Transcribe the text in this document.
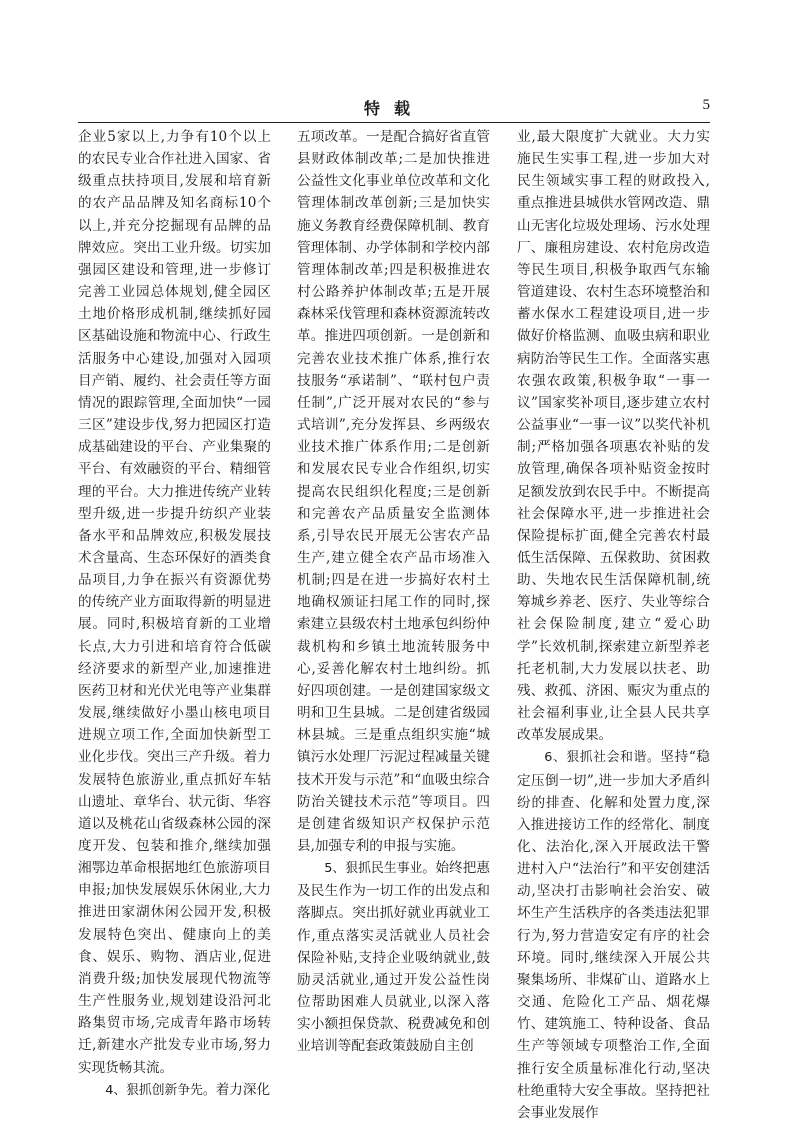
特载	5

企业5家以上,力争有10个以上的农民专业合作社进入国家、省级重点扶持项目,发展和培育新的农产品品牌及知名商标10个以上,并充分挖掘现有品牌的品牌效应。突出工业升级。切实加强园区建设和管理,进一步修订完善工业园总体规划,健全园区土地价格形成机制,继续抓好园区基础设施和物流中心、行政生活服务中心建设,加强对入园项目产销、履约、社会责任等方面情况的跟踪管理,全面加快“一园三区”建设步伐,努力把园区打造成基础建设的平台、产业集聚的平台、有效融资的平台、精细管理的平台。大力推进传统产业转型升级,进一步提升纺织产业装备水平和品牌效应,积极发展技术含量高、生态环保好的酒类食品项目,力争在振兴有资源优势的传统产业方面取得新的明显进展。同时,积极培育新的工业增长点,大力引进和培育符合低碳经济要求的新型产业,加速推进医药卫材和光伏光电等产业集群发展,继续做好小墨山核电项目进规立项工作,全面加快新型工业化步伐。突出三产升级。着力发展特色旅游业,重点抓好车轱山遗址、章华台、状元街、华容道以及桃花山省级森林公园的深度开发、包装和推介,继续加强湘鄂边革命根据地红色旅游项目申报;加快发展娱乐休闲业,大力推进田家湖休闲公园开发,积极发展特色突出、健康向上的美食、娱乐、购物、酒店业,促进消费升级;加快发展现代物流等生产性服务业,规划建设沿河北路集贸市场,完成青年路市场转迁,新建水产批发专业市场,努力实现货畅其流。

4、狠抓创新争先。着力深化

五项改革。一是配合搞好省直管县财政体制改革;二是加快推进公益性文化事业单位改革和文化管理体制改革创新;三是加快实施义务教育经费保障机制、教育管理体制、办学体制和学校内部管理体制改革;四是积极推进农村公路养护体制改革;五是开展森林采伐管理和森林资源流转改革。推进四项创新。一是创新和完善农业技术推广体系,推行农技服务“承诺制”、“联村包户责任制”,广泛开展对农民的“参与式培训”,充分发挥县、乡两级农业技术推广体系作用;二是创新和发展农民专业合作组织,切实提高农民组织化程度;三是创新和完善农产品质量安全监测体系,引导农民开展无公害农产品生产,建立健全农产品市场准入机制;四是在进一步搞好农村土地确权颁证扫尾工作的同时,探索建立县级农村土地承包纠纷仲裁机构和乡镇土地流转服务中心,妥善化解农村土地纠纷。抓好四项创建。一是创建国家级文明和卫生县城。二是创建省级园林县城。三是重点组织实施“城镇污水处理厂污泥过程减量关键技术开发与示范”和“血吸虫综合防治关键技术示范”等项目。四是创建省级知识产权保护示范县,加强专利的申报与实施。

5、狠抓民生事业。始终把惠及民生作为一切工作的出发点和落脚点。突出抓好就业再就业工作,重点落实灵活就业人员社会保险补贴,支持企业吸纳就业,鼓励灵活就业,通过开发公益性岗位帮助困难人员就业,以深入落实小额担保贷款、税费减免和创业培训等配套政策鼓励自主创

业,最大限度扩大就业。大力实施民生实事工程,进一步加大对民生领域实事工程的财政投入,重点推进县城供水管网改造、鼎山无害化垃圾处理场、污水处理厂、廉租房建设、农村危房改造等民生项目,积极争取西气东输管道建设、农村生态环境整治和蓄水保水工程建设项目,进一步做好价格监测、血吸虫病和职业病防治等民生工作。全面落实惠农强农政策,积极争取“一事一议”国家奖补项目,逐步建立农村公益事业“一事一议”以奖代补机制;严格加强各项惠农补贴的发放管理,确保各项补贴资金按时足额发放到农民手中。不断提高社会保障水平,进一步推进社会保险提标扩面,健全完善农村最低生活保障、五保救助、贫困救助、失地农民生活保障机制,统筹城乡养老、医疗、失业等综合社会保险制度,建立“爱心助学”长效机制,探索建立新型养老托老机制,大力发展以扶老、助残、救孤、济困、赈灾为重点的社会福利事业,让全县人民共享改革发展成果。

6、狠抓社会和谐。坚持“稳定压倒一切”,进一步加大矛盾纠纷的排查、化解和处置力度,深入推进接访工作的经常化、制度化、法治化,深入开展政法干警进村入户“法治行”和平安创建活动,坚决打击影响社会治安、破坏生产生活秩序的各类违法犯罪行为,努力营造安定有序的社会环境。同时,继续深入开展公共聚集场所、非煤矿山、道路水上交通、危险化工产品、烟花爆竹、建筑施工、特种设备、食品生产等领域专项整治工作,全面推行安全质量标准化行动,坚决杜绝重特大安全事故。坚持把社会事业发展作
